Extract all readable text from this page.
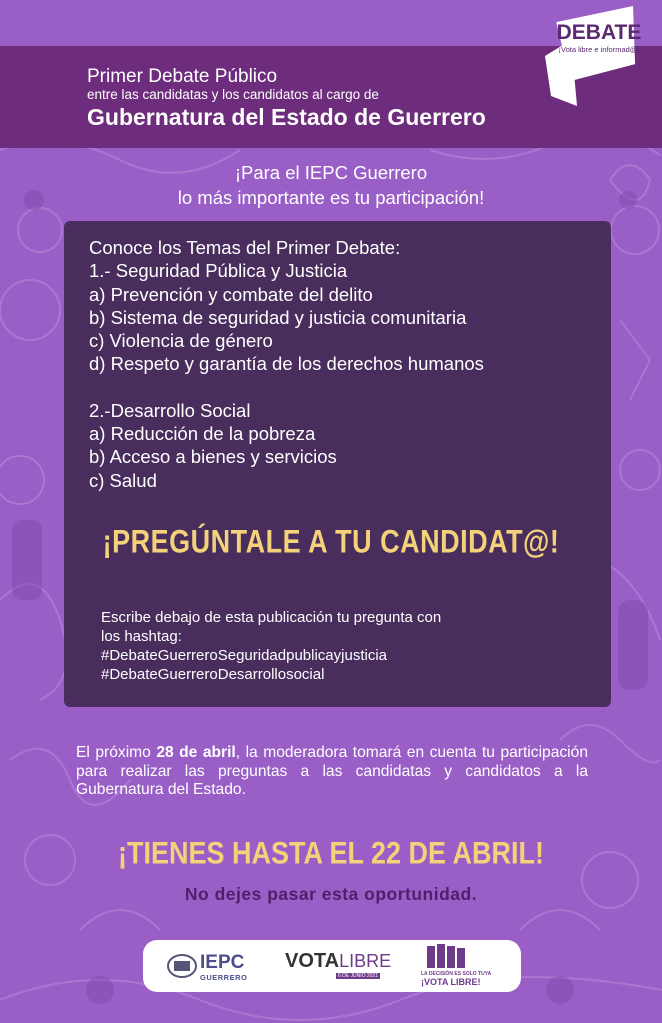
Primer Debate Público
entre las candidatas y los candidatos al cargo de
Gubernatura del Estado de Guerrero
DEBATE
¡Vota libre e informad@!
¡Para el IEPC Guerrero
lo más importante es tu participación!
Conoce los Temas del Primer Debate:
1.- Seguridad Pública y Justicia
a) Prevención y combate del delito
b) Sistema de seguridad y justicia comunitaria
c) Violencia de género
d) Respeto y garantía de los derechos humanos
2.-Desarrollo Social
a) Reducción de la pobreza
b) Acceso a bienes y servicios
c) Salud
¡PREGÚNTALE A TU CANDIDAT@!
Escribe debajo de esta publicación tu pregunta con
los hashtag:
#DebateGuerreroSeguridadpublicayjusticia
#DebateGuerreroDesarrollosocial
El próximo 28 de abril, la moderadora tomará en cuenta tu participación para realizar las preguntas a las candidatas y candidatos a la Gubernatura del Estado.
¡TIENES HASTA EL 22 DE ABRIL!
No dejes pasar esta oportunidad.
IEPC
GUERRERO
VOTALIBRE
6 DE JUNIO 2021	LA DECISIÓN ES SOLO TUYA
¡VOTA LIBRE!
